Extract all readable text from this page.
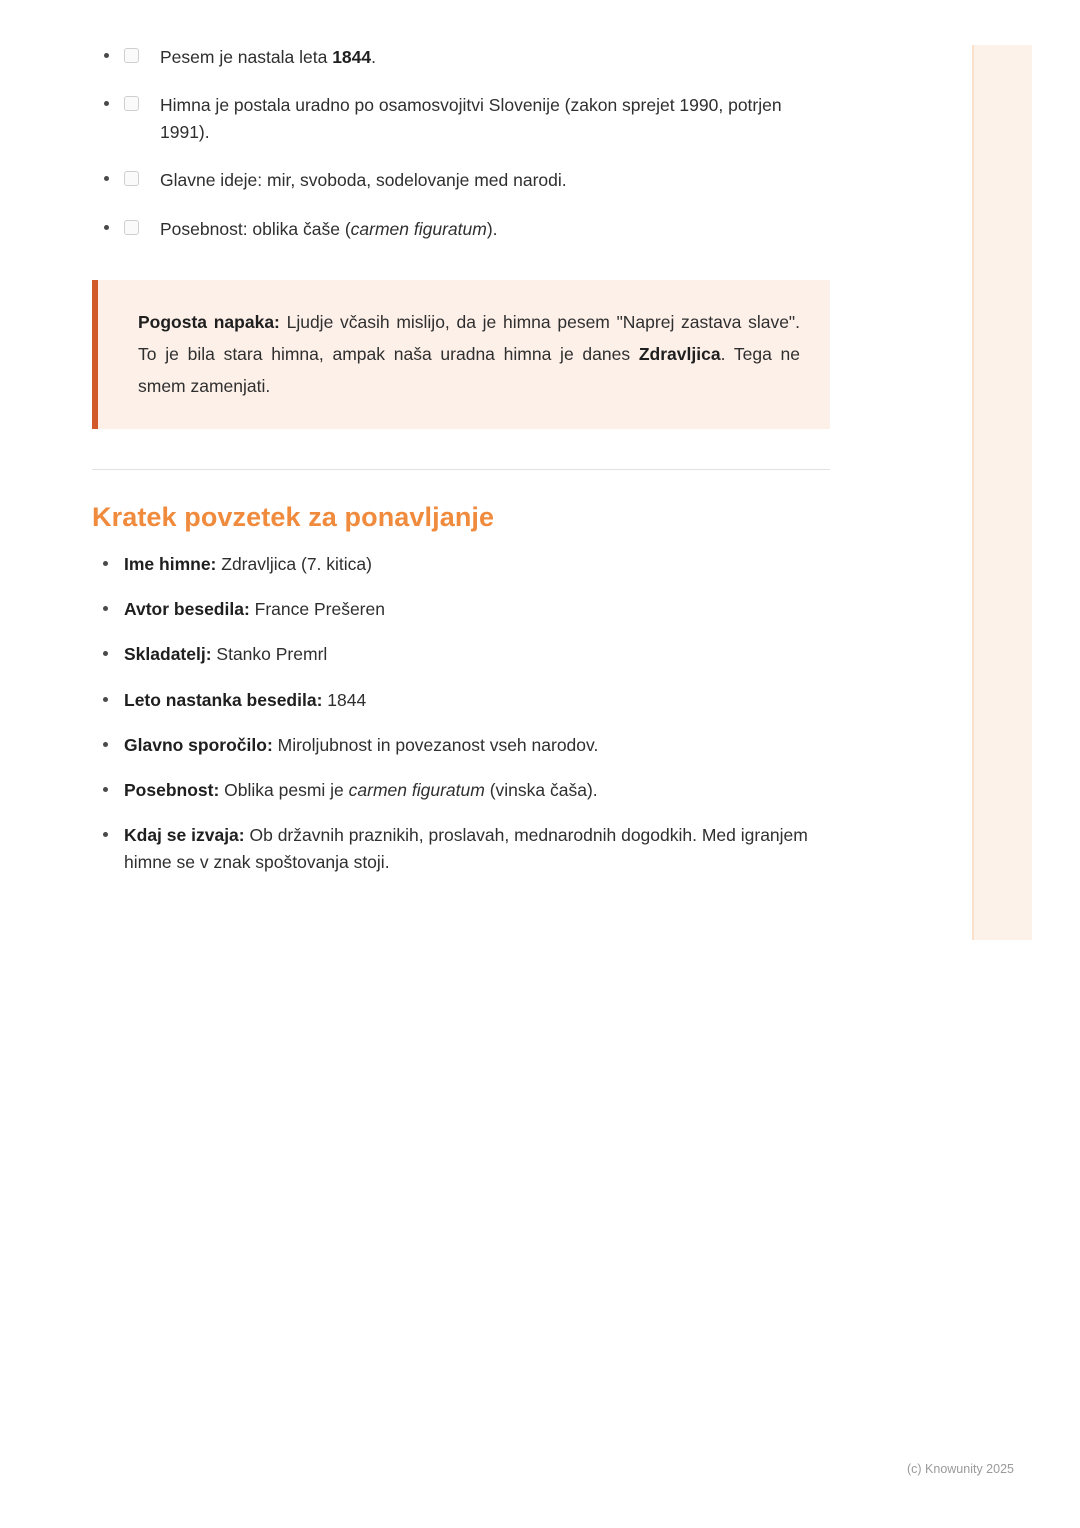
Pesem je nastala leta 1844.
Himna je postala uradno po osamosvojitvi Slovenije (zakon sprejet 1990, potrjen 1991).
Glavne ideje: mir, svoboda, sodelovanje med narodi.
Posebnost: oblika čaše (carmen figuratum).

Pogosta napaka: Ljudje včasih mislijo, da je himna pesem "Naprej zastava slave". To je bila stara himna, ampak naša uradna himna je danes Zdravljica. Tega ne smem zamenjati.

Kratek povzetek za ponavljanje
Ime himne: Zdravljica (7. kitica)
Avtor besedila: France Prešeren
Skladatelj: Stanko Premrl
Leto nastanka besedila: 1844
Glavno sporočilo: Miroljubnost in povezanost vseh narodov.
Posebnost: Oblika pesmi je carmen figuratum (vinska čaša).
Kdaj se izvaja: Ob državnih praznikih, proslavah, mednarodnih dogodkih. Med igranjem himne se v znak spoštovanja stoji.
(c) Knowunity 2025
